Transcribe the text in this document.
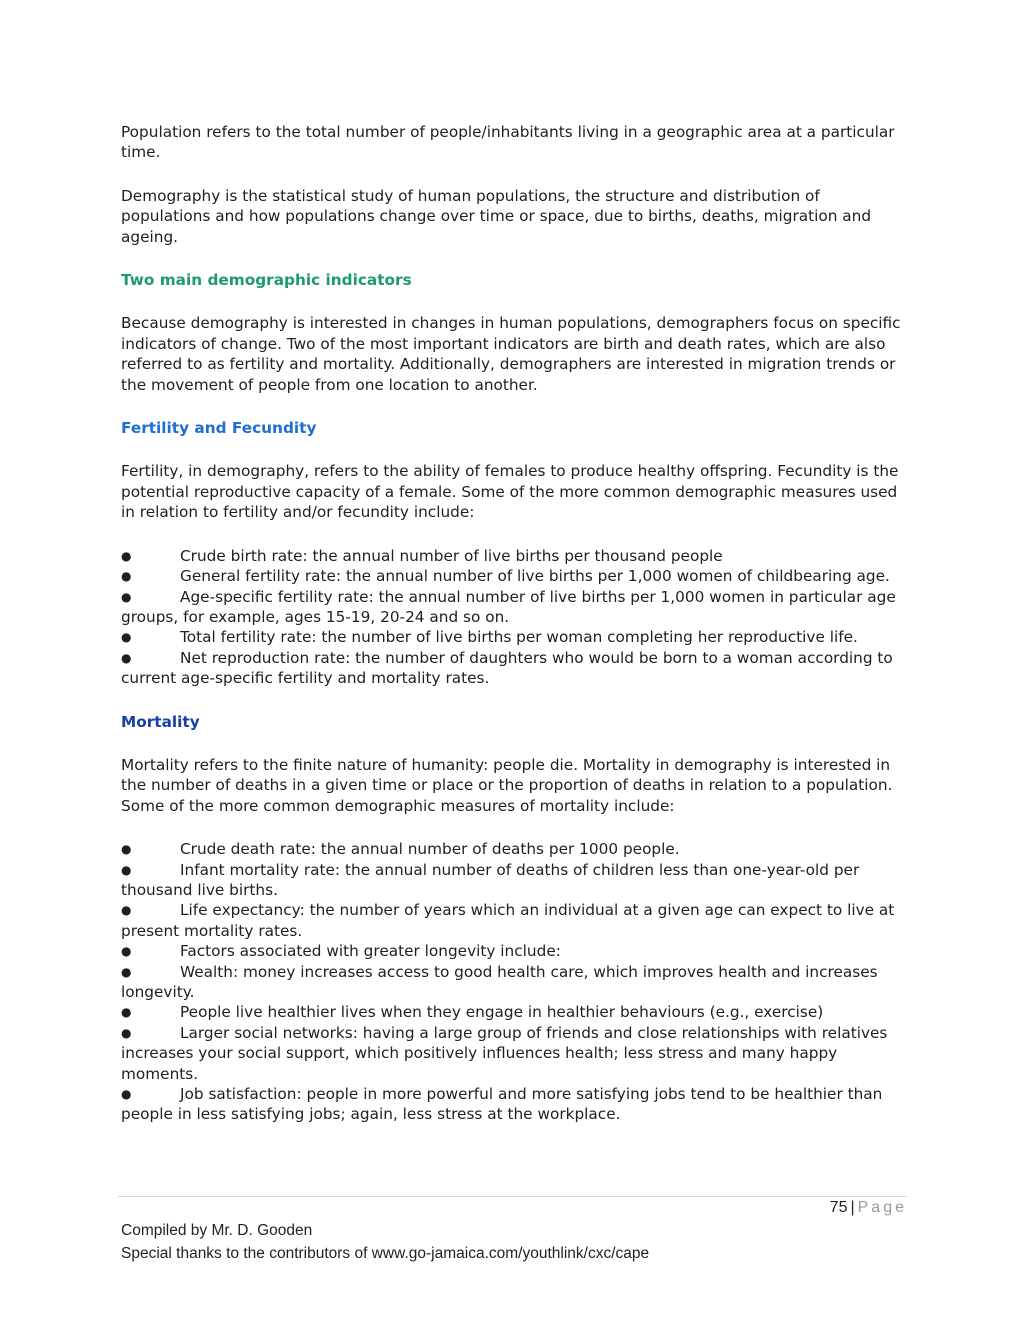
Population refers to the total number of people/inhabitants living in a geographic area at a particular time.

Demography is the statistical study of human populations, the structure and distribution of populations and how populations change over time or space, due to births, deaths, migration and ageing.

Two main demographic indicators

Because demography is interested in changes in human populations, demographers focus on specific indicators of change. Two of the most important indicators are birth and death rates, which are also referred to as fertility and mortality. Additionally, demographers are interested in migration trends or the movement of people from one location to another.

Fertility and Fecundity

Fertility, in demography, refers to the ability of females to produce healthy offspring. Fecundity is the potential reproductive capacity of a female. Some of the more common demographic measures used in relation to fertility and/or fecundity include:

●	Crude birth rate: the annual number of live births per thousand people
●	General fertility rate: the annual number of live births per 1,000 women of childbearing age.
●	Age-specific fertility rate: the annual number of live births per 1,000 women in particular age groups, for example, ages 15-19, 20-24 and so on.
●	Total fertility rate: the number of live births per woman completing her reproductive life.
●	Net reproduction rate: the number of daughters who would be born to a woman according to current age-specific fertility and mortality rates.
Mortality

Mortality refers to the finite nature of humanity: people die. Mortality in demography is interested in the number of deaths in a given time or place or the proportion of deaths in relation to a population. Some of the more common demographic measures of mortality include:

●	Crude death rate: the annual number of deaths per 1000 people.
●	Infant mortality rate: the annual number of deaths of children less than one-year-old per thousand live births.
●	Life expectancy: the number of years which an individual at a given age can expect to live at present mortality rates.
●	Factors associated with greater longevity include:
●	Wealth: money increases access to good health care, which improves health and increases longevity.
●	People live healthier lives when they engage in healthier behaviours (e.g., exercise)
●	Larger social networks: having a large group of friends and close relationships with relatives increases your social support, which positively influences health; less stress and many happy moments.
●	Job satisfaction: people in more powerful and more satisfying jobs tend to be healthier than people in less satisfying jobs; again, less stress at the workplace.
75 | Page
Compiled by Mr. D. Gooden
Special thanks to the contributors of www.go-jamaica.com/youthlink/cxc/cape
